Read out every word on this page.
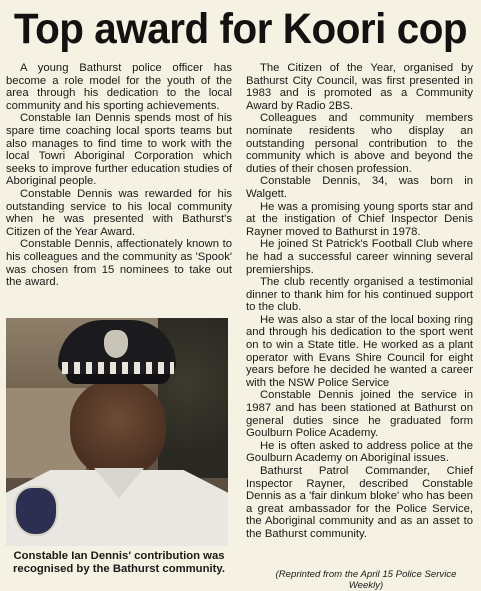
Top award for Koori cop

A young Bathurst police officer has become a role model for the youth of the area through his dedication to the local community and his sporting achievements.

Constable Ian Dennis spends most of his spare time coaching local sports teams but also manages to find time to work with the local Towri Aboriginal Corporation which seeks to improve further education studies of Aboriginal people.

Constable Dennis was rewarded for his outstanding service to his local community when he was presented with Bathurst's Citizen of the Year Award.

Constable Dennis, affectionately known to his colleagues and the community as 'Spook' was chosen from 15 nominees to take out the award.

Constable Ian Dennis' contribution was recognised by the Bathurst community.

The Citizen of the Year, organised by Bathurst City Council, was first presented in 1983 and is promoted as a Community Award by Radio 2BS.

Colleagues and community members nominate residents who display an outstanding personal contribution to the community which is above and beyond the duties of their chosen profession.

Constable Dennis, 34, was born in Walgett.

He was a promising young sports star and at the instigation of Chief Inspector Denis Rayner moved to Bathurst in 1978.

He joined St Patrick's Football Club where he had a successful career winning several premierships.

The club recently organised a testimonial dinner to thank him for his continued support to the club.

He was also a star of the local boxing ring and through his dedication to the sport went on to win a State title. He worked as a plant operator with Evans Shire Council for eight years before he decided he wanted a career with the NSW Police Service

Constable Dennis joined the service in 1987 and has been stationed at Bathurst on general duties since he graduated form Goulburn Police Academy.

He is often asked to address police at the Goulburn Academy on Aboriginal issues.

Bathurst Patrol Commander, Chief Inspector Rayner, described Constable Dennis as a 'fair dinkum bloke' who has been a great ambassador for the Police Service, the Aboriginal community and as an asset to the Bathurst community.

(Reprinted from the April 15 Police Service Weekly)
